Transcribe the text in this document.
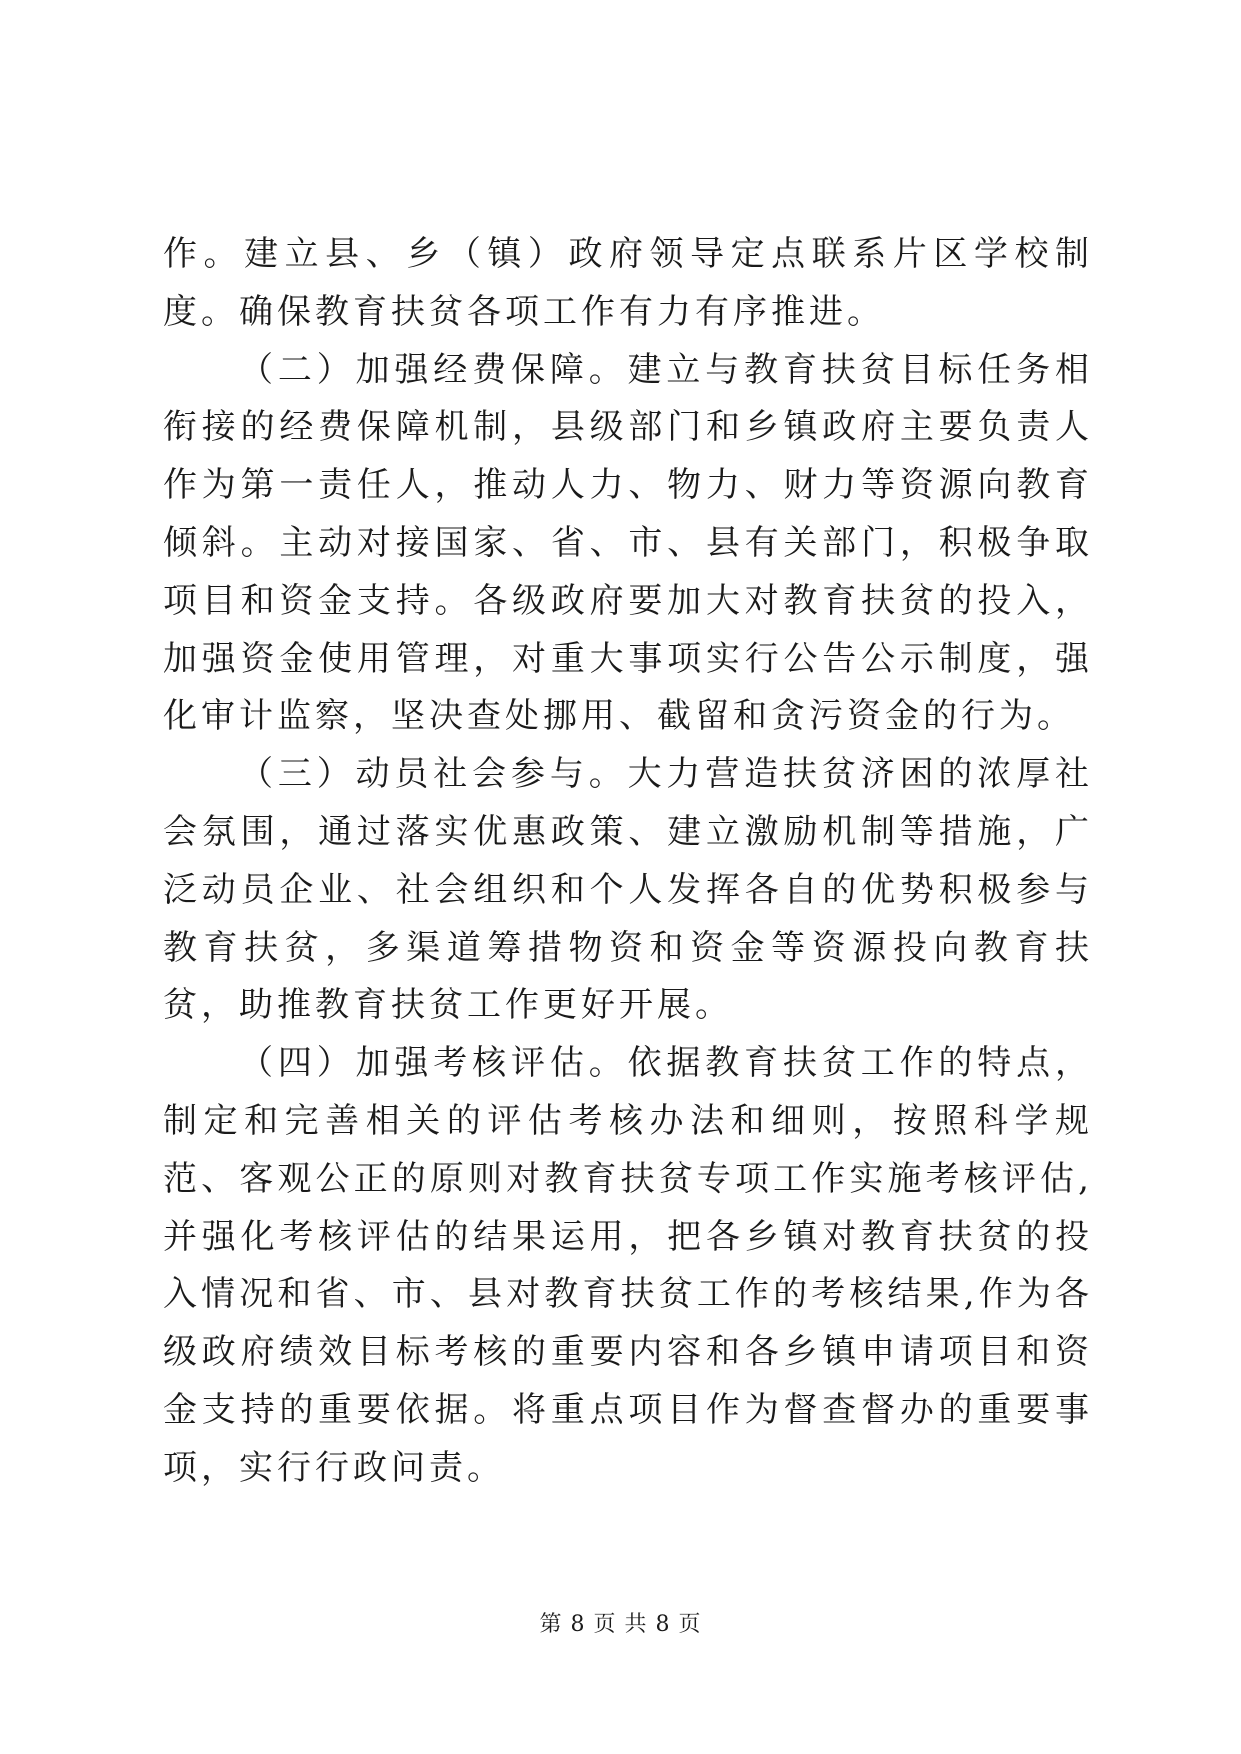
作。建立县、乡（镇）政府领导定点联系片区学校制度。确保教育扶贫各项工作有力有序推进。

（二）加强经费保障。建立与教育扶贫目标任务相衔接的经费保障机制，县级部门和乡镇政府主要负责人作为第一责任人，推动人力、物力、财力等资源向教育倾斜。主动对接国家、省、市、县有关部门，积极争取项目和资金支持。各级政府要加大对教育扶贫的投入，加强资金使用管理，对重大事项实行公告公示制度，强化审计监察，坚决查处挪用、截留和贪污资金的行为。

（三）动员社会参与。大力营造扶贫济困的浓厚社会氛围，通过落实优惠政策、建立激励机制等措施，广泛动员企业、社会组织和个人发挥各自的优势积极参与教育扶贫，多渠道筹措物资和资金等资源投向教育扶贫，助推教育扶贫工作更好开展。

（四）加强考核评估。依据教育扶贫工作的特点，制定和完善相关的评估考核办法和细则，按照科学规范、客观公正的原则对教育扶贫专项工作实施考核评估,并强化考核评估的结果运用，把各乡镇对教育扶贫的投入情况和省、市、县对教育扶贫工作的考核结果,作为各级政府绩效目标考核的重要内容和各乡镇申请项目和资金支持的重要依据。将重点项目作为督查督办的重要事项，实行行政问责。

第 8 页 共 8 页
